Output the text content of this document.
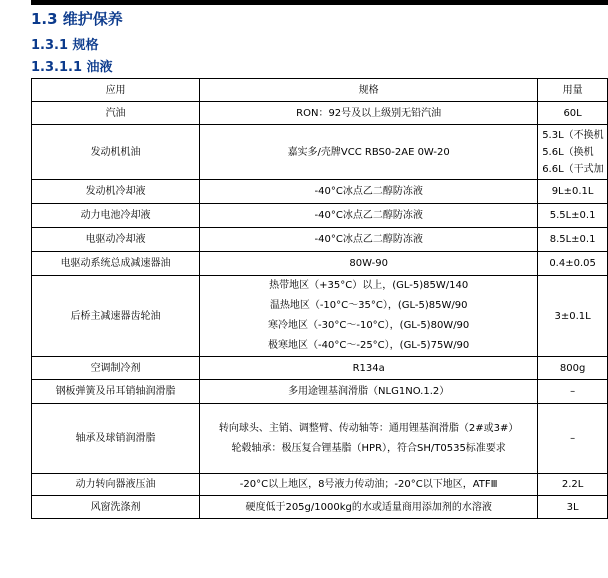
1.3 维护保养
1.3.1 规格
1.3.1.1 油液
应用	规格	用量
汽油	RON：92号及以上级别无铅汽油	60L
发动机机油	嘉实多/壳牌VCC RBS0-2AE 0W-20	5.3L（不换机
5.6L（换机
6.6L（干式加

发动机冷却液	-40°C冰点乙二醇防冻液	9L±0.1L
动力电池冷却液	-40°C冰点乙二醇防冻液	5.5L±0.1
电驱动冷却液	-40°C冰点乙二醇防冻液	8.5L±0.1
电驱动系统总成减速器油	80W-90	0.4±0.05
后桥主减速器齿轮油	热带地区（+35°C）以上，(GL-5)85W/140
温热地区（-10°C～35°C），(GL-5)85W/90
寒冷地区（-30°C～-10°C），(GL-5)80W/90
极寒地区（-40°C～-25°C），(GL-5)75W/90	3±0.1L
空调制冷剂	R134a	800g
钢板弹簧及吊耳销轴润滑脂	多用途锂基润滑脂（NLG1NO.1.2）	–
轴承及球销润滑脂	转向球头、主销、调整臂、传动轴等：通用锂基润滑脂（2#或3#）
轮毂轴承：极压复合锂基脂（HPR），符合SH/T0535标准要求	–
动力转向器液压油	-20°C以上地区，8号液力传动油；-20°C以下地区，ATFⅢ	2.2L
风窗洗涤剂	硬度低于205g/1000kg的水或适量商用添加剂的水溶液	3L
